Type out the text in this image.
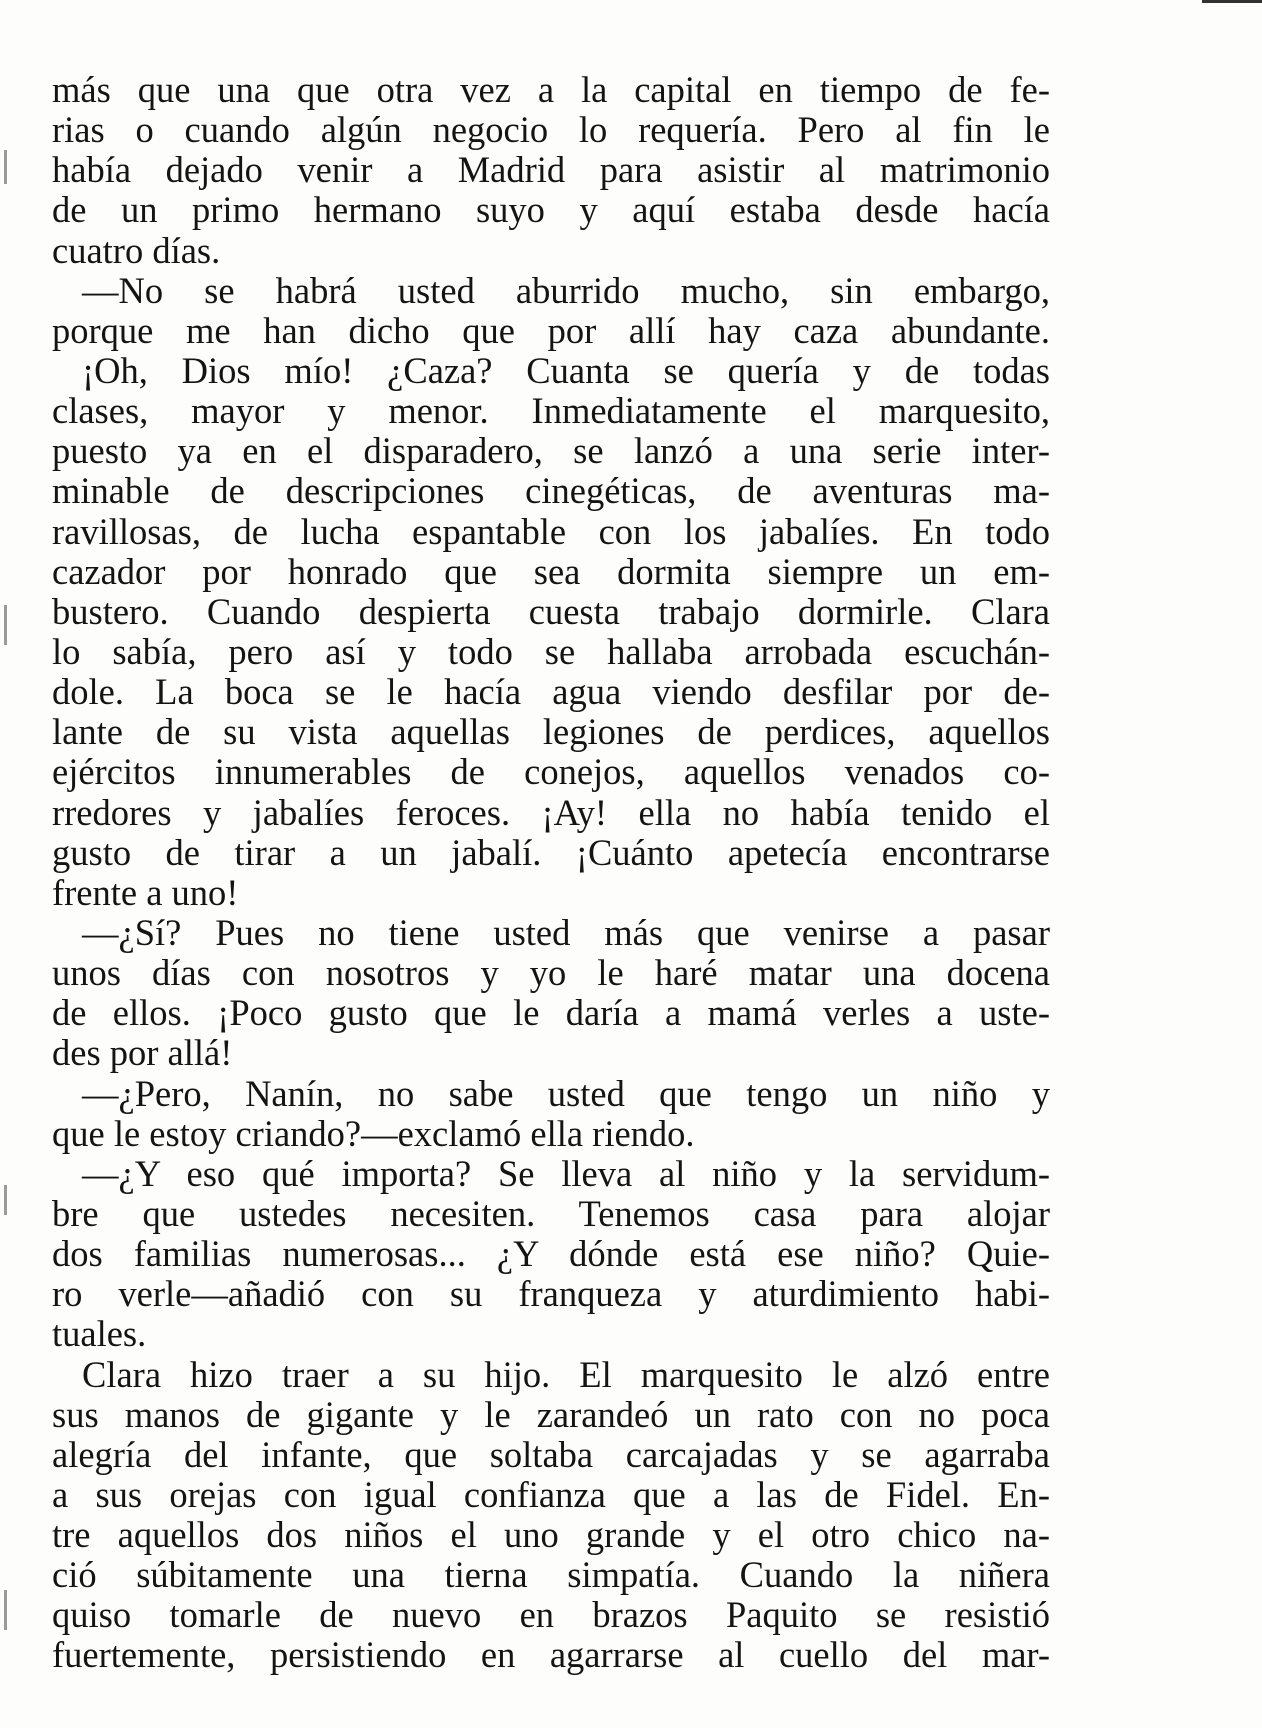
más que una que otra vez a la capital en tiempo de fe-
rias o cuando algún negocio lo requería. Pero al fin le
había dejado venir a Madrid para asistir al matrimonio
de un primo hermano suyo y aquí estaba desde hacía
cuatro días.
—No se habrá usted aburrido mucho, sin embargo,
porque me han dicho que por allí hay caza abundante.
¡Oh, Dios mío! ¿Caza? Cuanta se quería y de todas
clases, mayor y menor. Inmediatamente el marquesito,
puesto ya en el disparadero, se lanzó a una serie inter-
minable de descripciones cinegéticas, de aventuras ma-
ravillosas, de lucha espantable con los jabalíes. En todo
cazador por honrado que sea dormita siempre un em-
bustero. Cuando despierta cuesta trabajo dormirle. Clara
lo sabía, pero así y todo se hallaba arrobada escuchán-
dole. La boca se le hacía agua viendo desfilar por de-
lante de su vista aquellas legiones de perdices, aquellos
ejércitos innumerables de conejos, aquellos venados co-
rredores y jabalíes feroces. ¡Ay! ella no había tenido el
gusto de tirar a un jabalí. ¡Cuánto apetecía encontrarse
frente a uno!
—¿Sí? Pues no tiene usted más que venirse a pasar
unos días con nosotros y yo le haré matar una docena
de ellos. ¡Poco gusto que le daría a mamá verles a uste-
des por allá!
—¿Pero, Nanín, no sabe usted que tengo un niño y
que le estoy criando?—exclamó ella riendo.
—¿Y eso qué importa? Se lleva al niño y la servidum-
bre que ustedes necesiten. Tenemos casa para alojar
dos familias numerosas... ¿Y dónde está ese niño? Quie-
ro verle—añadió con su franqueza y aturdimiento habi-
tuales.
Clara hizo traer a su hijo. El marquesito le alzó entre
sus manos de gigante y le zarandeó un rato con no poca
alegría del infante, que soltaba carcajadas y se agarraba
a sus orejas con igual confianza que a las de Fidel. En-
tre aquellos dos niños el uno grande y el otro chico na-
ció súbitamente una tierna simpatía. Cuando la niñera
quiso tomarle de nuevo en brazos Paquito se resistió
fuertemente, persistiendo en agarrarse al cuello del mar-
